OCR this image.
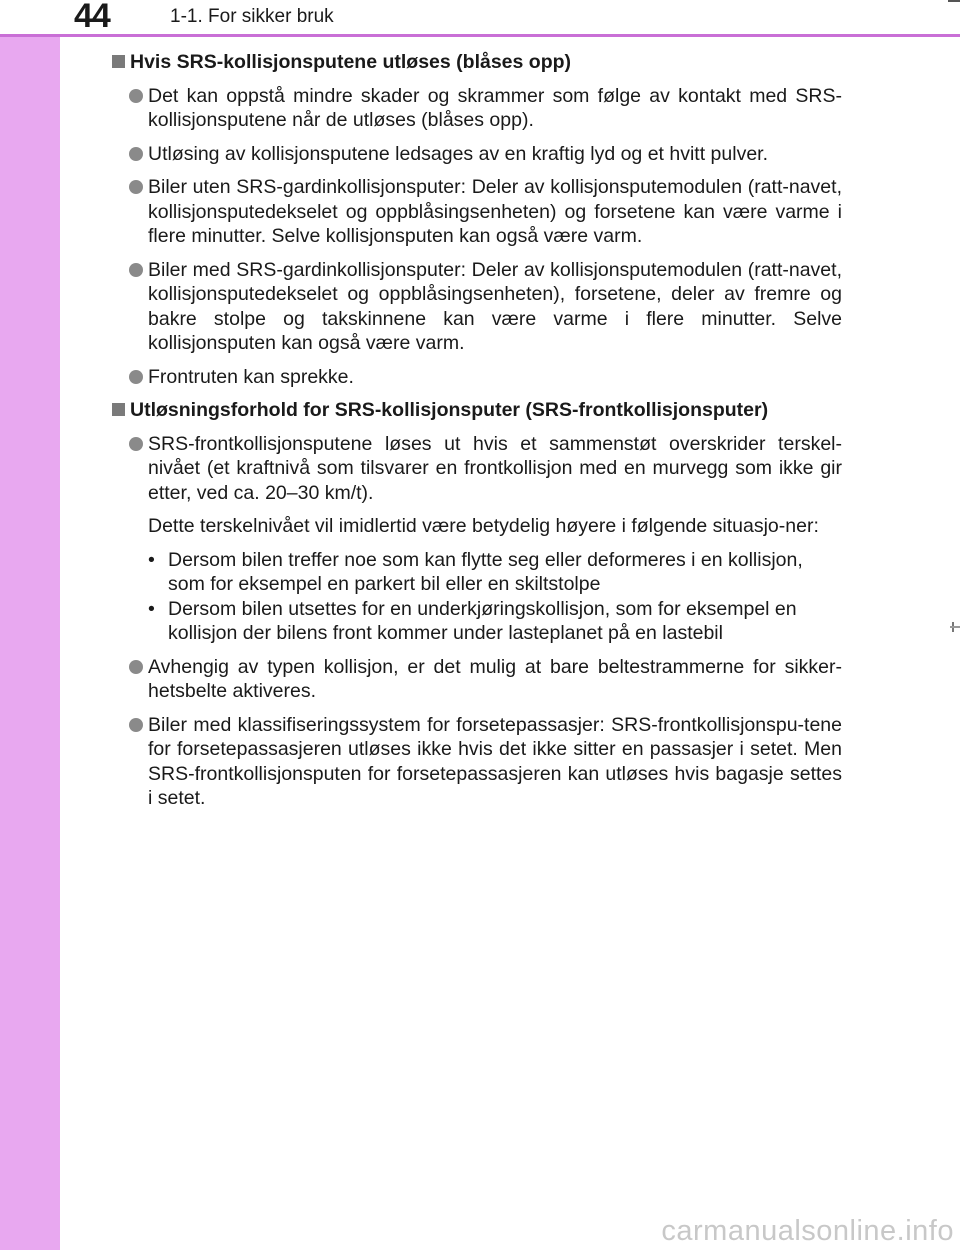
44	1-1. For sikker bruk
Hvis SRS-kollisjonsputene utløses (blåses opp)
Det kan oppstå mindre skader og skrammer som følge av kontakt med SRS-kollisjonsputene når de utløses (blåses opp).
Utløsing av kollisjonsputene ledsages av en kraftig lyd og et hvitt pulver.
Biler uten SRS-gardinkollisjonsputer: Deler av kollisjonsputemodulen (ratt-navet, kollisjonsputedekselet og oppblåsingsenheten) og forsetene kan være varme i flere minutter. Selve kollisjonsputen kan også være varm.
Biler med SRS-gardinkollisjonsputer: Deler av kollisjonsputemodulen (ratt-navet, kollisjonsputedekselet og oppblåsingsenheten), forsetene, deler av fremre og bakre stolpe og takskinnene kan være varme i flere minutter. Selve kollisjonsputen kan også være varm.
Frontruten kan sprekke.
Utløsningsforhold for SRS-kollisjonsputer (SRS-frontkollisjonsputer)
SRS-frontkollisjonsputene løses ut hvis et sammenstøt overskrider terskel-nivået (et kraftnivå som tilsvarer en frontkollisjon med en murvegg som ikke gir etter, ved ca. 20–30 km/t).
Dette terskelnivået vil imidlertid være betydelig høyere i følgende situasjo-ner:
• Dersom bilen treffer noe som kan flytte seg eller deformeres i en kollisjon, som for eksempel en parkert bil eller en skiltstolpe
• Dersom bilen utsettes for en underkjøringskollisjon, som for eksempel en kollisjon der bilens front kommer under lasteplanet på en lastebil
Avhengig av typen kollisjon, er det mulig at bare beltestrammerne for sikker-hetsbelte aktiveres.
Biler med klassifiseringssystem for forsetepassasjer: SRS-frontkollisjonspu-tene for forsetepassasjeren utløses ikke hvis det ikke sitter en passasjer i setet. Men SRS-frontkollisjonsputen for forsetepassasjeren kan utløses hvis bagasje settes i setet.
carmanualsonline.info
